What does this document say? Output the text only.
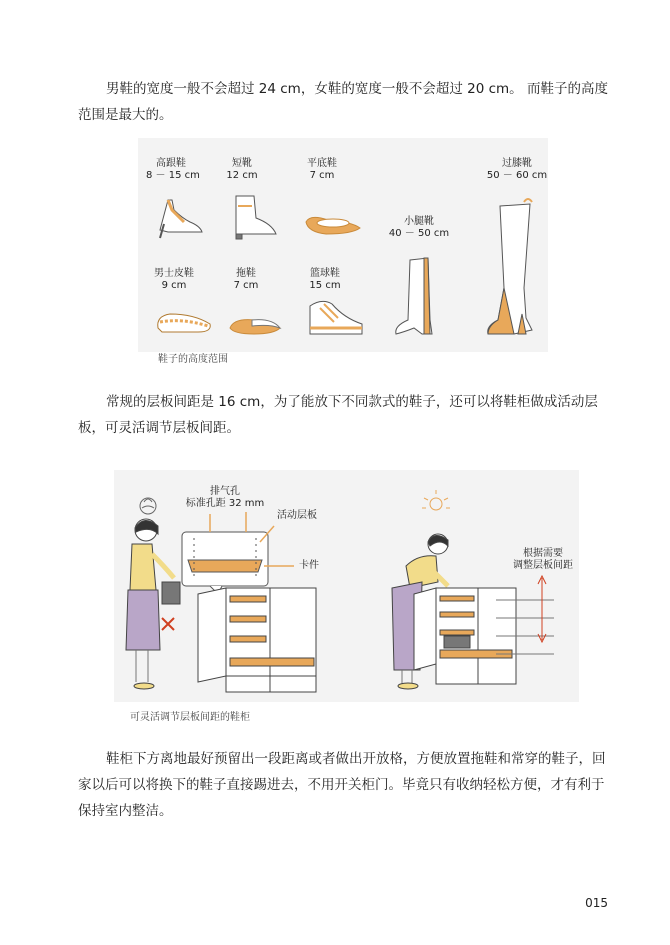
男鞋的宽度一般不会超过 24 cm，女鞋的宽度一般不会超过 20 cm。 而鞋子的高度范围是最大的。

高跟鞋
8 － 15 cm
短靴
12 cm
平底鞋
7 cm
过膝靴
50 － 60 cm
小腿靴
40 － 50 cm
男士皮鞋
9 cm
拖鞋
7 cm
篮球鞋
15 cm
鞋子的高度范围

常规的层板间距是 16 cm，为了能放下不同款式的鞋子，还可以将鞋柜做成活动层板，可灵活调节层板间距。

排气孔
标准孔距 32 mm
活动层板
卡件
根据需要
调整层板间距
可灵活调节层板间距的鞋柜

鞋柜下方离地最好预留出一段距离或者做出开放格，方便放置拖鞋和常穿的鞋子，回家以后可以将换下的鞋子直接踢进去，不用开关柜门。毕竟只有收纳轻松方便，才有利于保持室内整洁。

015
